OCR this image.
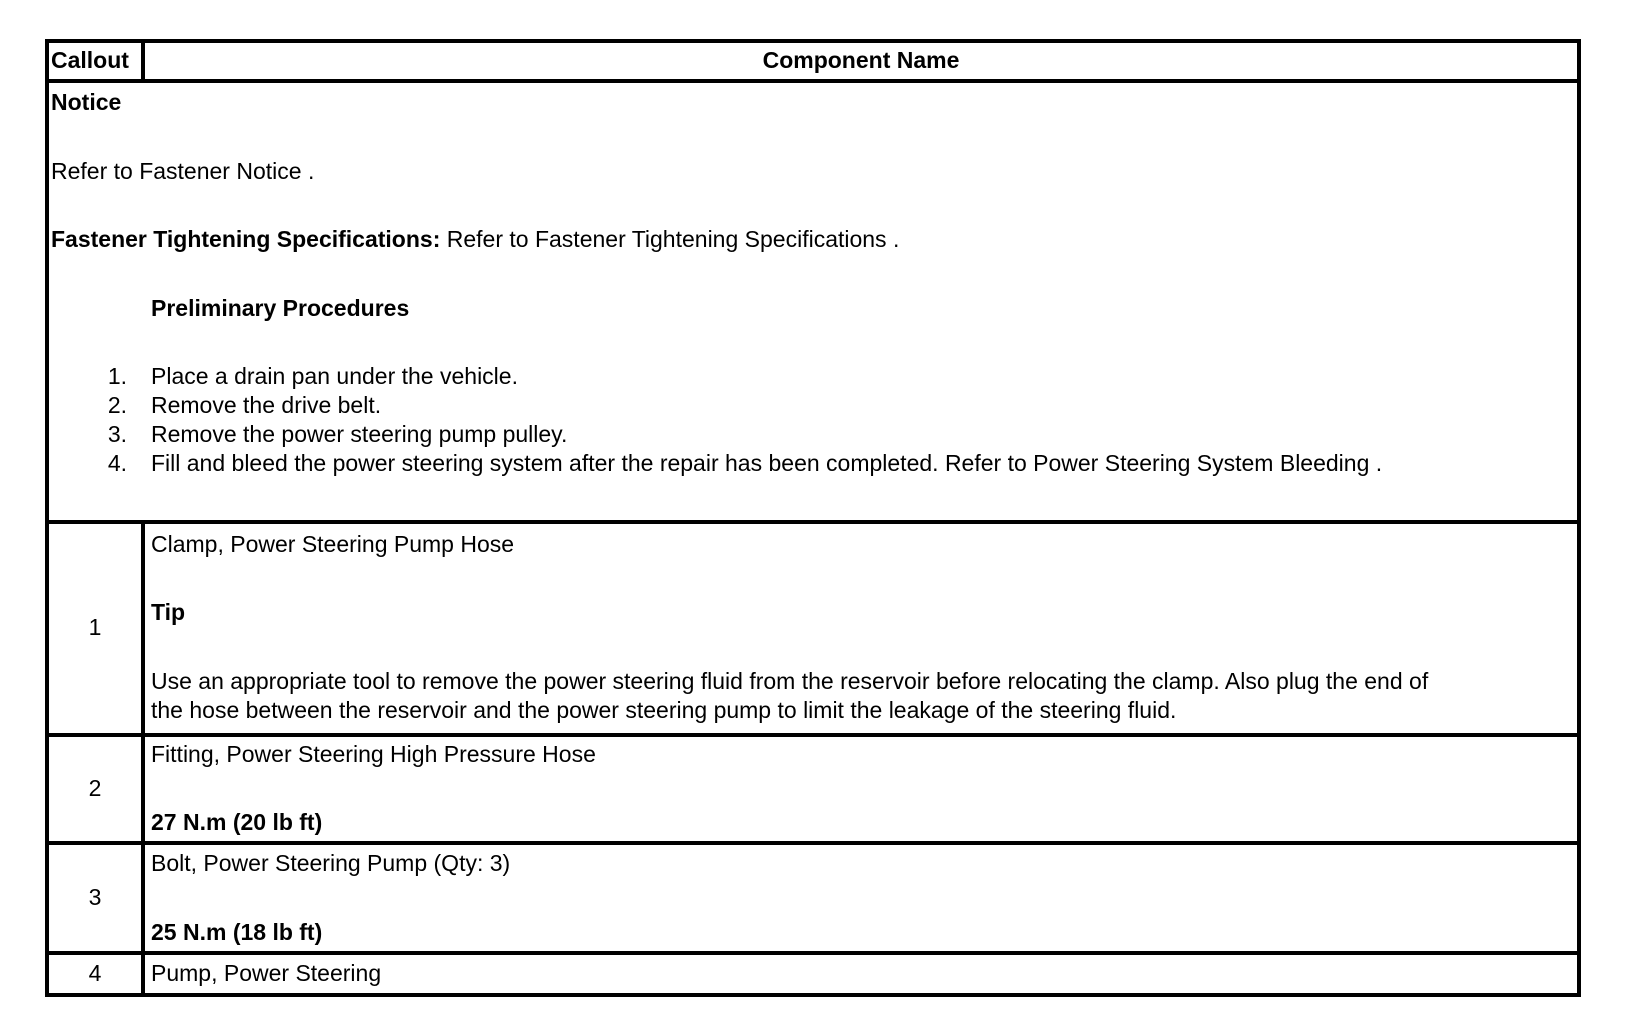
Callout	Component Name
Notice
Refer to Fastener Notice .
Fastener Tightening Specifications: Refer to Fastener Tightening Specifications .
Preliminary Procedures
1. Place a drain pan under the vehicle.
2. Remove the drive belt.
3. Remove the power steering pump pulley.
4. Fill and bleed the power steering system after the repair has been completed. Refer to Power Steering System Bleeding .
1
Clamp, Power Steering Pump Hose
Tip
Use an appropriate tool to remove the power steering fluid from the reservoir before relocating the clamp. Also plug the end of
the hose between the reservoir and the power steering pump to limit the leakage of the steering fluid.
2
Fitting, Power Steering High Pressure Hose
27 N.m (20 lb ft)
3
Bolt, Power Steering Pump (Qty: 3)
25 N.m (18 lb ft)
4	Pump, Power Steering
